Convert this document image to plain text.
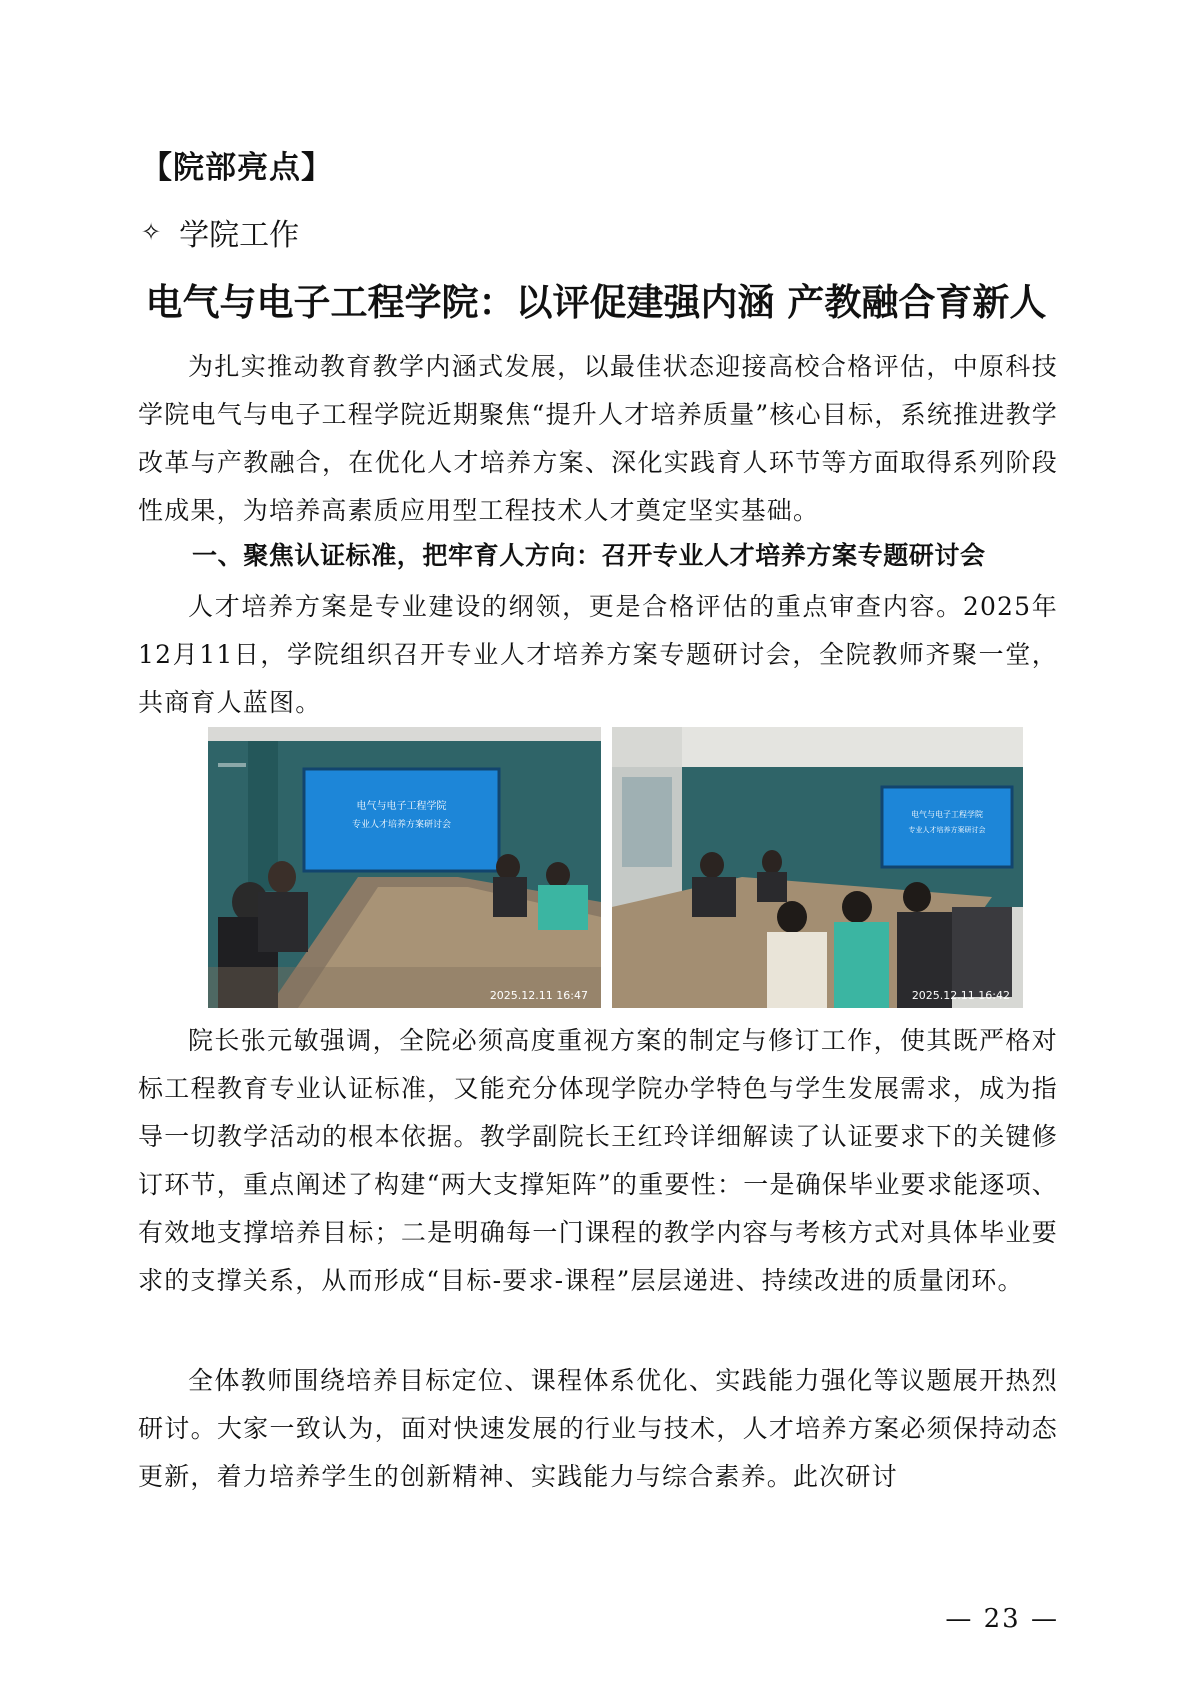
【院部亮点】
✧ 学院工作
电气与电子工程学院：以评促建强内涵 产教融合育新人

为扎实推动教育教学内涵式发展，以最佳状态迎接高校合格评估，中原科技学院电气与电子工程学院近期聚焦“提升人才培养质量”核心目标，系统推进教学改革与产教融合，在优化人才培养方案、深化实践育人环节等方面取得系列阶段性成果，为培养高素质应用型工程技术人才奠定坚实基础。

一、聚焦认证标准，把牢育人方向：召开专业人才培养方案专题研讨会

人才培养方案是专业建设的纲领，更是合格评估的重点审查内容。2025年12月11日，学院组织召开专业人才培养方案专题研讨会，全院教师齐聚一堂，共商育人蓝图。

电气与电子工程学院
专业人才培养方案研讨会
2025.12.11 16:47
电气与电子工程学院
专业人才培养方案研讨会
2025.12.11 16:42

院长张元敏强调，全院必须高度重视方案的制定与修订工作，使其既严格对标工程教育专业认证标准，又能充分体现学院办学特色与学生发展需求，成为指导一切教学活动的根本依据。教学副院长王红玲详细解读了认证要求下的关键修订环节，重点阐述了构建“两大支撑矩阵”的重要性：一是确保毕业要求能逐项、有效地支撑培养目标；二是明确每一门课程的教学内容与考核方式对具体毕业要求的支撑关系，从而形成“目标-要求-课程”层层递进、持续改进的质量闭环。

全体教师围绕培养目标定位、课程体系优化、实践能力强化等议题展开热烈研讨。大家一致认为，面对快速发展的行业与技术，人才培养方案必须保持动态更新，着力培养学生的创新精神、实践能力与综合素养。此次研讨

— 23 —
